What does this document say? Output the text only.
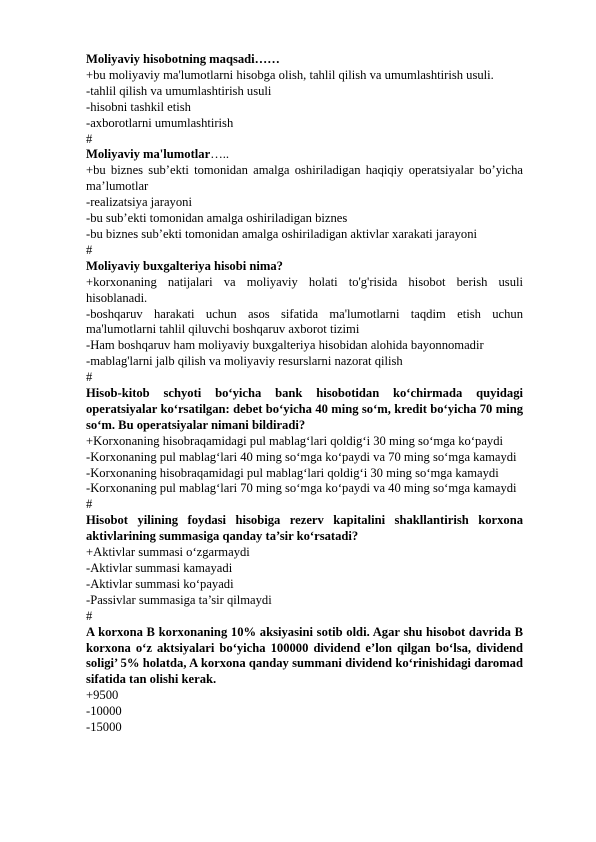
Moliyaviy hisobotning maqsadi……
+bu moliyaviy ma'lumotlarni hisobga olish, tahlil qilish va umumlashtirish usuli.
-tahlil qilish va umumlashtirish usuli
-hisobni tashkil etish
-axborotlarni umumlashtirish
#
Moliyaviy ma'lumotlar…..
+bu biznes sub’ekti tomonidan amalga oshiriladigan haqiqiy operatsiyalar bo’yicha ma’lumotlar
-realizatsiya jarayoni
-bu sub’ekti tomonidan amalga oshiriladigan biznes
-bu biznes sub’ekti tomonidan amalga oshiriladigan aktivlar xarakati jarayoni
#
Moliyaviy buxgalteriya hisobi nima?
+korxonaning natijalari va moliyaviy holati to'g'risida hisobot berish usuli hisoblanadi.
-boshqaruv harakati uchun asos sifatida ma'lumotlarni taqdim etish uchun ma'lumotlarni tahlil qiluvchi boshqaruv axborot tizimi
-Ham boshqaruv ham moliyaviy buxgalteriya hisobidan alohida bayonnomadir
-mablag'larni jalb qilish va moliyaviy resurslarni nazorat qilish
#
Hisob-kitob schyoti bo‘yicha bank hisobotidan ko‘chirmada quyidagi operatsiyalar ko‘rsatilgan: debet bo‘yicha 40 ming so‘m, kredit bo‘yicha 70 ming so‘m. Bu operatsiyalar nimani bildiradi?
+Korxonaning hisobraqamidagi pul mablag‘lari qoldig‘i 30 ming so‘mga ko‘paydi
-Korxonaning pul mablag‘lari 40 ming so‘mga ko‘paydi va 70 ming so‘mga kamaydi
-Korxonaning hisobraqamidagi pul mablag‘lari qoldig‘i 30 ming so‘mga kamaydi
-Korxonaning pul mablag‘lari 70 ming so‘mga ko‘paydi va 40 ming so‘mga kamaydi
#
Hisobot yilining foydasi hisobiga rezerv kapitalini shakllantirish korxona aktivlarining summasiga qanday ta’sir ko‘rsatadi?
+Aktivlar summasi o‘zgarmaydi
-Aktivlar summasi kamayadi
-Aktivlar summasi ko‘payadi
-Passivlar summasiga ta’sir qilmaydi
#
A korxona B korxonaning 10% aksiyasini sotib oldi. Agar shu hisobot davrida B korxona o‘z aktsiyalari bo‘yicha 100000 dividend e’lon qilgan bo‘lsa, dividend soligi’ 5% holatda, A korxona qanday summani dividend ko‘rinishidagi daromad sifatida tan olishi kerak.
+9500
-10000
-15000
